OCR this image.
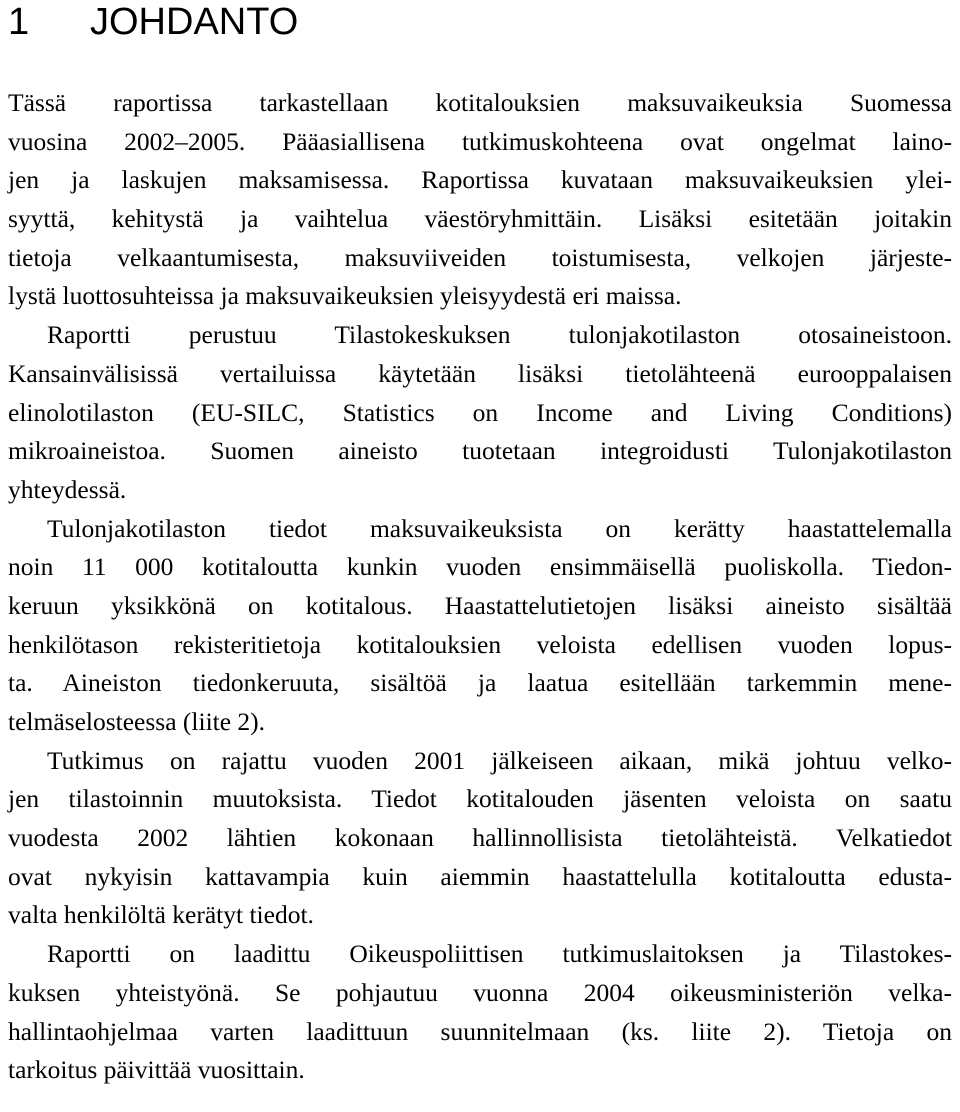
1 JOHDANTO
Tässä raportissa tarkastellaan kotitalouksien maksuvaikeuksia Suomessa
vuosina 2002–2005. Pääasiallisena tutkimuskohteena ovat ongelmat laino-
jen ja laskujen maksamisessa. Raportissa kuvataan maksuvaikeuksien ylei-
syyttä, kehitystä ja vaihtelua väestöryhmittäin. Lisäksi esitetään joitakin
tietoja velkaantumisesta, maksuviiveiden toistumisesta, velkojen järjeste-
lystä luottosuhteissa ja maksuvaikeuksien yleisyydestä eri maissa.
Raportti perustuu Tilastokeskuksen tulonjakotilaston otosaineistoon.
Kansainvälisissä vertailuissa käytetään lisäksi tietolähteenä eurooppalaisen
elinolotilaston (EU-SILC, Statistics on Income and Living Conditions)
mikroaineistoa. Suomen aineisto tuotetaan integroidusti Tulonjakotilaston
yhteydessä.
Tulonjakotilaston tiedot maksuvaikeuksista on kerätty haastattelemalla
noin 11 000 kotitaloutta kunkin vuoden ensimmäisellä puoliskolla. Tiedon-
keruun yksikkönä on kotitalous. Haastattelutietojen lisäksi aineisto sisältää
henkilötason rekisteritietoja kotitalouksien veloista edellisen vuoden lopus-
ta. Aineiston tiedonkeruuta, sisältöä ja laatua esitellään tarkemmin mene-
telmäselosteessa (liite 2).
Tutkimus on rajattu vuoden 2001 jälkeiseen aikaan, mikä johtuu velko-
jen tilastoinnin muutoksista. Tiedot kotitalouden jäsenten veloista on saatu
vuodesta 2002 lähtien kokonaan hallinnollisista tietolähteistä. Velkatiedot
ovat nykyisin kattavampia kuin aiemmin haastattelulla kotitaloutta edusta-
valta henkilöltä kerätyt tiedot.
Raportti on laadittu Oikeuspoliittisen tutkimuslaitoksen ja Tilastokes-
kuksen yhteistyönä. Se pohjautuu vuonna 2004 oikeusministeriön velka-
hallintaohjelmaa varten laadittuun suunnitelmaan (ks. liite 2). Tietoja on
tarkoitus päivittää vuosittain.
